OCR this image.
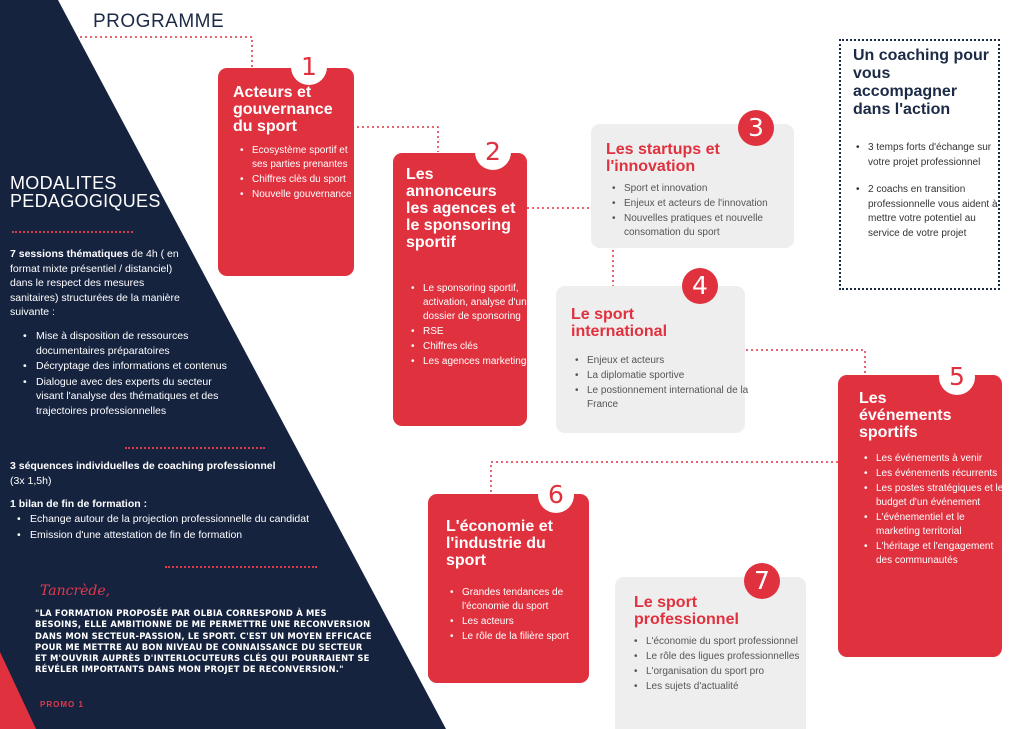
PROGRAMME
MODALITES PEDAGOGIQUES
7 sessions thématiques de 4h ( en format mixte présentiel / distanciel) dans le respect des mesures sanitaires) structurées de la manière suivante :
• Mise à disposition de ressources documentaires préparatoires
• Décryptage des informations et contenus
• Dialogue avec des experts du secteur visant l'analyse des thématiques et des trajectoires professionnelles
3 séquences individuelles de coaching professionnel
(3x 1,5h)
1 bilan de fin de formation :
• Echange autour de la projection professionnelle du candidat
• Emission d'une attestation de fin de formation
Tancrède,
"LA FORMATION PROPOSÉE PAR OLBIA CORRESPOND À MES BESOINS, ELLE AMBITIONNE DE ME PERMETTRE UNE RECONVERSION DANS MON SECTEUR-PASSION, LE SPORT. C'EST UN MOYEN EFFICACE POUR ME METTRE AU BON NIVEAU DE CONNAISSANCE DU SECTEUR ET M'OUVRIR AUPRÈS D'INTERLOCUTEURS CLÉS QUI POURRAIENT SE RÉVÉLER IMPORTANTS DANS MON PROJET DE RECONVERSION."
PROMO 1
Acteurs et gouvernance du sport
• Ecosystème sportif et ses parties prenantes
• Chiffres clès du sport
• Nouvelle gouvernance
1
Les annonceurs les agences et le sponsoring sportif
• Le sponsoring sportif, activation, analyse d'un dossier de sponsoring
• RSE
• Chiffres clés
• Les agences marketing
2	Les startups et l'innovation
• Sport et innovation
• Enjeux et acteurs de l'innovation
• Nouvelles pratiques et nouvelle consomation du sport
3
Le sport international
• Enjeux et acteurs
• La diplomatie sportive
• Le postionnement international de la France
4
Les événements sportifs
• Les événements à venir
• Les événements récurrents
• Les postes stratégiques et le budget d'un événement
• L'événementiel et le marketing territorial
• L'héritage et l'engagement des communautés
5
L'économie et l'industrie du sport
• Grandes tendances de l'économie du sport
• Les acteurs
• Le rôle de la filière sport
6
Le sport professionnel
• L'économie du sport professionnel
• Le rôle des ligues professionnelles
• L'organisation du sport pro
• Les sujets d'actualité
7
Un coaching pour vous accompagner dans l'action
• 3 temps forts d'échange sur votre projet professionnel
• 2 coachs en transition professionnelle vous aident à mettre votre potentiel au service de votre projet
